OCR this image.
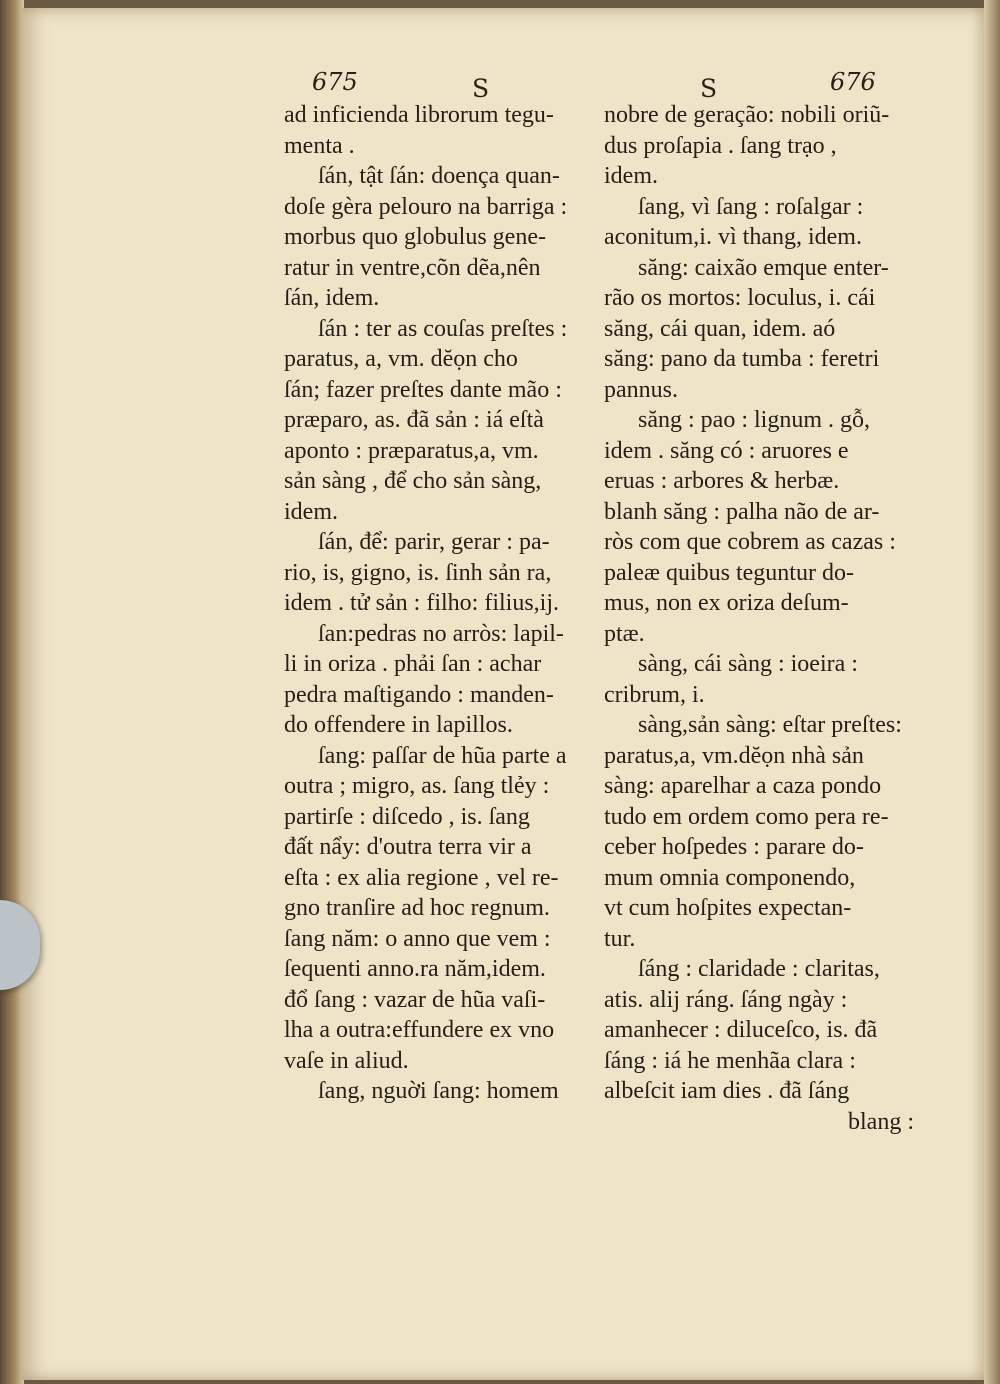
675	S	S	676
ad inficienda librorum tegu-
menta .
ſán, tật ſán: doença quan-
doſe gèra pelouro na barriga :
morbus quo globulus gene-
ratur in ventre,cõn dẽa,nên
ſán, idem.
ſán : ter as couſas preſtes :
paratus, a, vm. dĕọn cho
ſán; fazer preſtes dante mão :
præparo, as. đã sản : iá eſtà
aponto : præparatus,a, vm.
sản sàng , để cho sản sàng,
idem.
ſán, để: parir, gerar : pa-
rio, is, gigno, is. ſinh sản ra,
idem . tử sản : filho: filius,ij.
ſan:pedras no arròs: lapil-
li in oriza . phải ſan : achar
pedra maſtigando : manden-
do offendere in lapillos.
ſang: paſſar de hũa parte a
outra ; migro, as. ſang tlẻy :
partirſe : diſcedo , is. ſang
đất nẩy: d'outra terra vir a
eſta : ex alia regione , vel re-
gno tranſire ad hoc regnum.
ſang năm: o anno que vem :
ſequenti anno.ra năm,idem.
đổ ſang : vazar de hũa vaſi-
lha a outra:effundere ex vno
vaſe in aliud.
ſang, nguời ſang: homem
nobre de geração: nobili oriũ-
dus proſapia . ſang trạo ,
idem.
ſang, vì ſang : roſalgar :
aconitum,i. vì thang, idem.
săng: caixão emque enter-
rão os mortos: loculus, i. cái
săng, cái quan, idem. aó
săng: pano da tumba : feretri
pannus.
săng : pao : lignum . gỗ,
idem . săng có : aruores e
eruas : arbores & herbæ.
blanh săng : palha não de ar-
ròs com que cobrem as cazas :
paleæ quibus teguntur do-
mus, non ex oriza deſum-
ptæ.
sàng, cái sàng : ioeira :
cribrum, i.
sàng,sản sàng: eſtar preſtes:
paratus,a, vm.dĕọn nhà sản
sàng: aparelhar a caza pondo
tudo em ordem como pera re-
ceber hoſpedes : parare do-
mum omnia componendo,
vt cum hoſpites expectan-
tur.
ſáng : claridade : claritas,
atis. alij ráng. ſáng ngày :
amanhecer : diluceſco, is. đã
ſáng : iá he menhãa clara :
albeſcit iam dies . đã ſáng
blang :
